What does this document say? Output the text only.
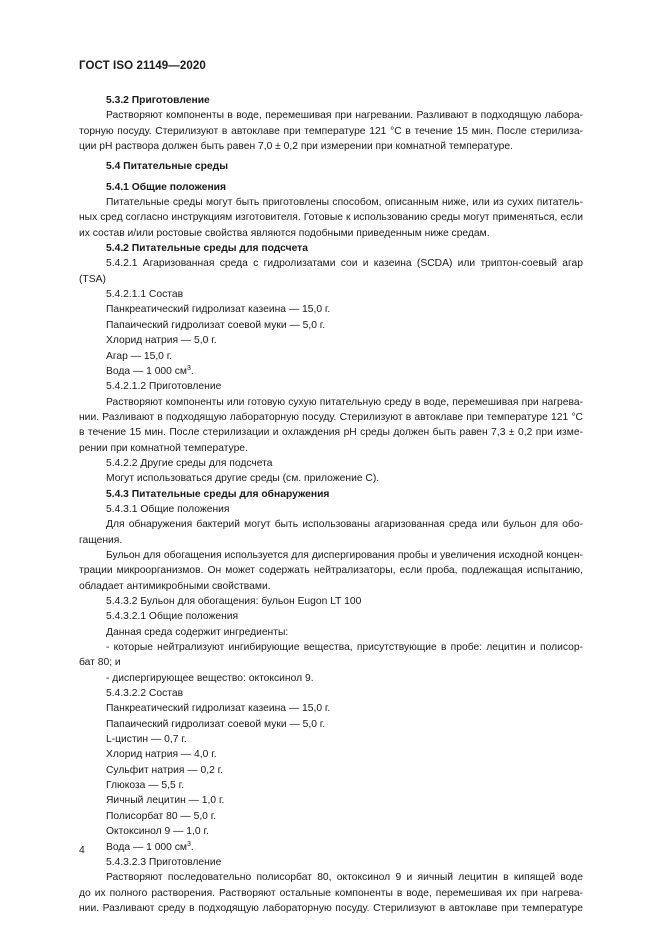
ГОСТ ISO 21149—2020
5.3.2 Приготовление
Растворяют компоненты в воде, перемешивая при нагревании. Разливают в подходящую лабора-
торную посуду. Стерилизуют в автоклаве при температуре 121 °С в течение 15 мин. После стерилиза-
ции рН раствора должен быть равен 7,0 ± 0,2 при измерении при комнатной температуре.
5.4 Питательные среды
5.4.1 Общие положения
Питательные среды могут быть приготовлены способом, описанным ниже, или из сухих питатель-
ных сред согласно инструкциям изготовителя. Готовые к использованию среды могут применяться, если
их состав и/или ростовые свойства являются подобными приведенным ниже средам.
5.4.2 Питательные среды для подсчета
5.4.2.1 Агаризованная среда с гидролизатами сои и казеина (SCDA) или триптон-соевый агар
(TSA)
5.4.2.1.1 Состав
Панкреатический гидролизат казеина — 15,0 г.
Папаический гидролизат соевой муки — 5,0 г.
Хлорид натрия — 5,0 г.
Агар — 15,0 г.
Вода — 1 000 $см^3$.
5.4.2.1.2 Приготовление
Растворяют компоненты или готовую сухую питательную среду в воде, перемешивая при нагрева-
нии. Разливают в подходящую лабораторную посуду. Стерилизуют в автоклаве при температуре 121 °С
в течение 15 мин. После стерилизации и охлаждения рН среды должен быть равен 7,3 ± 0,2 при изме-
рении при комнатной температуре.
5.4.2.2 Другие среды для подсчета
Могут использоваться другие среды (см. приложение С).
5.4.3 Питательные среды для обнаружения
5.4.3.1 Общие положения
Для обнаружения бактерий могут быть использованы агаризованная среда или бульон для обо-
гащения.
Бульон для обогащения используется для диспергирования пробы и увеличения исходной концен-
трации микроорганизмов. Он может содержать нейтрализаторы, если проба, подлежащая испытанию,
обладает антимикробными свойствами.
5.4.3.2 Бульон для обогащения: бульон Eugon LT 100
5.4.3.2.1 Общие положения
Данная среда содержит ингредиенты:
- которые нейтрализуют ингибирующие вещества, присутствующие в пробе: лецитин и полисор-
бат 80; и
- диспергирующее вещество: октоксинол 9.
5.4.3.2.2 Состав
Панкреатический гидролизат казеина — 15,0 г.
Папаический гидролизат соевой муки — 5,0 г.
L-цистин — 0,7 г.
Хлорид натрия — 4,0 г.
Сульфит натрия — 0,2 г.
Глюкоза — 5,5 г.
Яичный лецитин — 1,0 г.
Полисорбат 80 — 5,0 г.
Октоксинол 9 — 1,0 г.
Вода — 1 000 $см^3$.
5.4.3.2.3 Приготовление
Растворяют последовательно полисорбат 80, октоксинол 9 и яичный лецитин в кипящей воде
до их полного растворения. Растворяют остальные компоненты в воде, перемешивая их при нагрева-
нии. Разливают среду в подходящую лабораторную посуду. Стерилизуют в автоклаве при температуре
4
